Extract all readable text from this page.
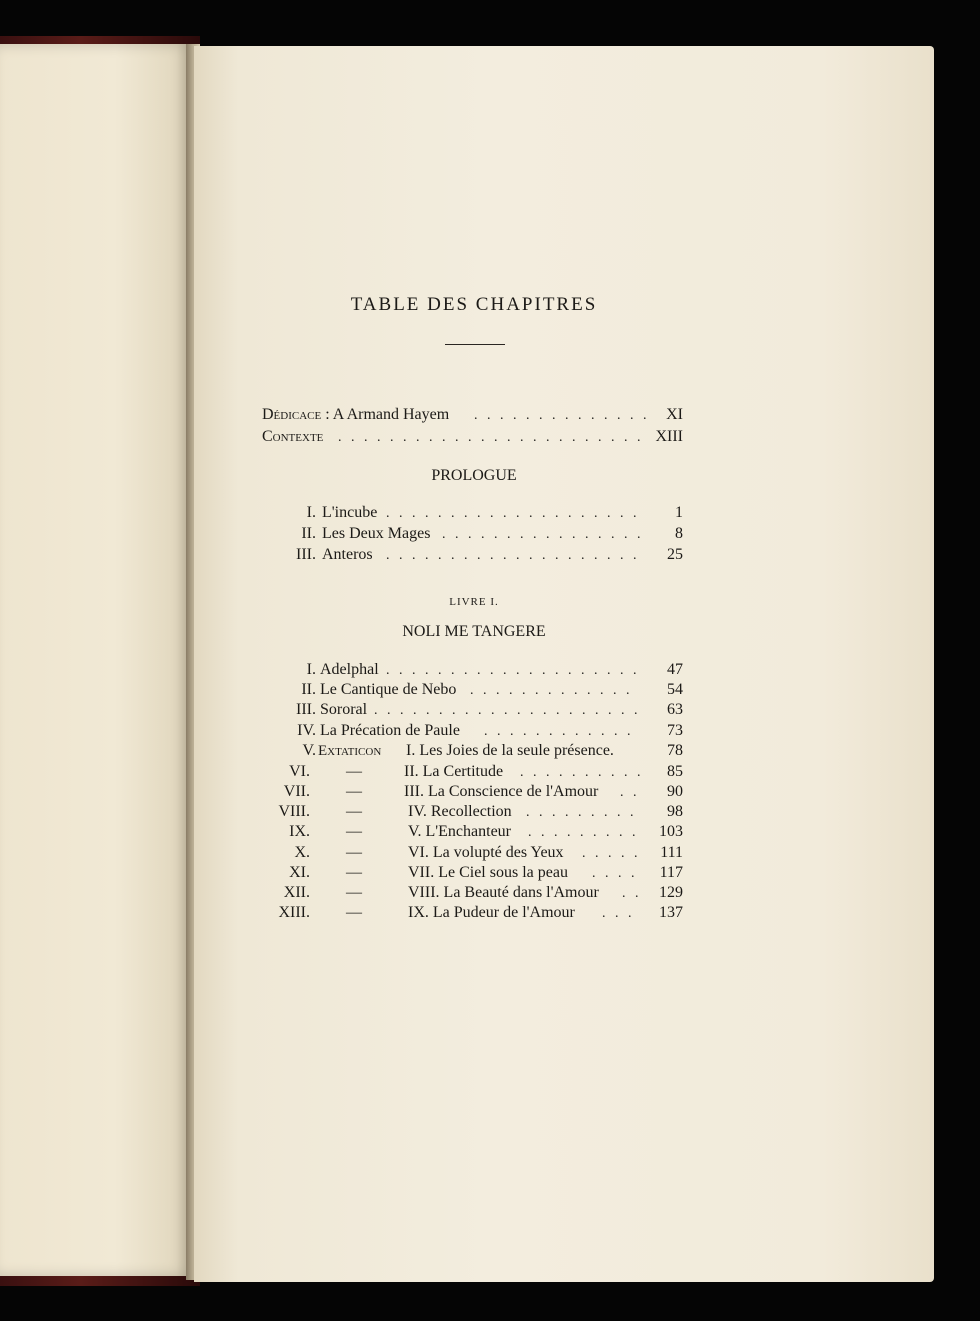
TABLE DES CHAPITRES
Dédicace : A Armand Hayem . . . . . . . . . . . . . .	XI
Contexte . . . . . . . . . . . . . . . . . . . . . . . . XIII
PROLOGUE
I. L'incube . . . . . . . . . . . . . . . . . . . .	1
II. Les Deux Mages . . . . . . . . . . . . . . . .	8
III. Anteros . . . . . . . . . . . . . . . . . . . .	25
LIVRE I.
NOLI ME TANGERE
I. Adelphal . . . . . . . . . . . . . . . . . . . .	47
II. Le Cantique de Nebo . . . . . . . . . . . . .	54
III. Sororal . . . . . . . . . . . . . . . . . . . . .	63
IV. La Précation de Paule . . . . . . . . . . . .	73
V. Extaticon I. Les Joies de la seule présence.	78
VI. —	II. La Certitude . . . . . . . . . .	85
VII. —	III. La Conscience de l'Amour . .	90
VIII. —	IV. Recollection . . . . . . . . .	98
IX. —	V. L'Enchanteur . . . . . . . . .	103
X. —	VI. La volupté des Yeux . . . . .	111
XI. —	VII. Le Ciel sous la peau . . . .	117
XII. —	VIII. La Beauté dans l'Amour . .	129
XIII. —	IX. La Pudeur de l'Amour . . .	137
